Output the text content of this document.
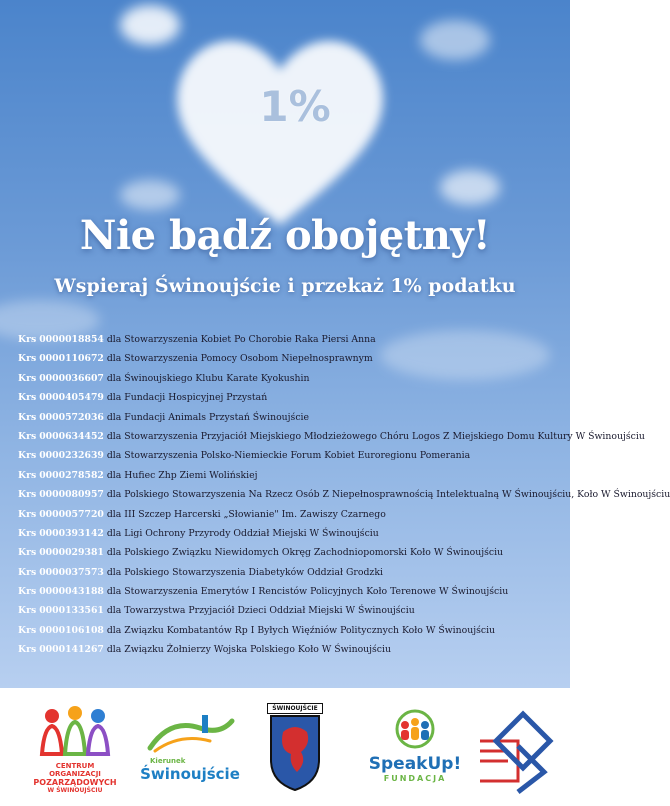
1%
Nie bądź obojętny!
Wspieraj Świnoujście i przekaż 1% podatku
Krs 0000018854 dla Stowarzyszenia Kobiet Po Chorobie Raka Piersi Anna
Krs 0000110672 dla Stowarzyszenia Pomocy Osobom Niepełnosprawnym
Krs 0000036607 dla Świnoujskiego Klubu Karate Kyokushin
Krs 0000405479 dla Fundacji Hospicyjnej Przystań
Krs 0000572036 dla Fundacji Animals Przystań Świnoujście
Krs 0000634452 dla Stowarzyszenia Przyjaciół Miejskiego Młodzieżowego Chóru Logos Z Miejskiego Domu Kultury W Świnoujściu
Krs 0000232639 dla Stowarzyszenia Polsko-Niemieckie Forum Kobiet Euroregionu Pomerania
Krs 0000278582 dla Hufiec Zhp Ziemi Wolińskiej
Krs 0000080957 dla Polskiego Stowarzyszenia Na Rzecz Osób Z Niepełnosprawnością Intelektualną W Świnoujściu, Koło W Świnoujściu
Krs 0000057720 dla III Szczep Harcerski „Słowianie" Im. Zawiszy Czarnego
Krs 0000393142 dla Ligi Ochrony Przyrody Oddział Miejski W Świnoujściu
Krs 0000029381 dla Polskiego Związku Niewidomych Okręg Zachodniopomorski Koło W Świnoujściu
Krs 0000037573 dla Polskiego Stowarzyszenia Diabetyków Oddział Grodzki
Krs 0000043188 dla Stowarzyszenia Emerytów I Rencistów Policyjnych Koło Terenowe W Świnoujściu
Krs 0000133561 dla Towarzystwa Przyjaciół Dzieci Oddział Miejski W Świnoujściu
Krs 0000106108 dla Związku Kombatantów Rp I Byłych Więźniów Politycznych Koło W Świnoujściu
Krs 0000141267 dla Związku Żołnierzy Wojska Polskiego Koło W Świnoujściu
CENTRUM ORGANIZACJI
POZARZĄDOWYCH
W ŚWINOUJŚCIU
Kierunek
Świnoujście
ŚWINOUJŚCIE
SpeakUp!
FUNDACJA
